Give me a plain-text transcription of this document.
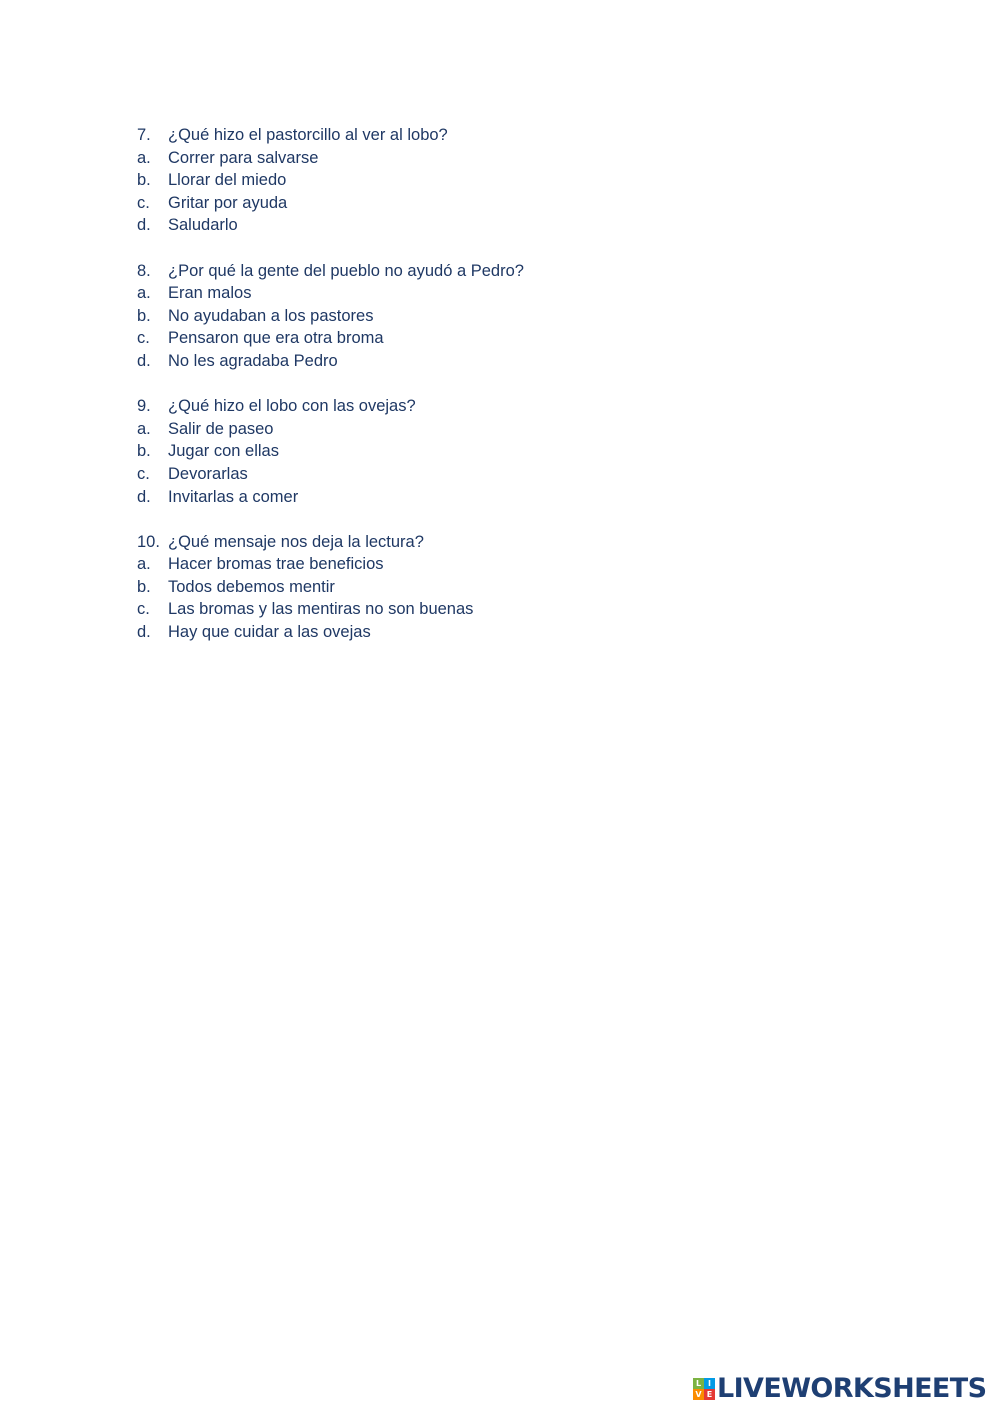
7.	¿Qué hizo el pastorcillo al ver al lobo?
a.	Correr para salvarse
b.	Llorar del miedo
c.	Gritar por ayuda
d.	Saludarlo
8.	¿Por qué la gente del pueblo no ayudó a Pedro?
a.	Eran malos
b.	No ayudaban a los pastores
c.	Pensaron que era otra broma
d.	No les agradaba Pedro
9.	¿Qué hizo el lobo con las ovejas?
a.	Salir de paseo
b.	Jugar con ellas
c.	Devorarlas
d.	Invitarlas a comer
10. ¿Qué mensaje nos deja la lectura?
a.	Hacer bromas trae beneficios
b.	Todos debemos mentir
c.	Las bromas y las mentiras no son buenas
d.	Hay que cuidar a las ovejas
L I
V E LIVEWORKSHEETS
